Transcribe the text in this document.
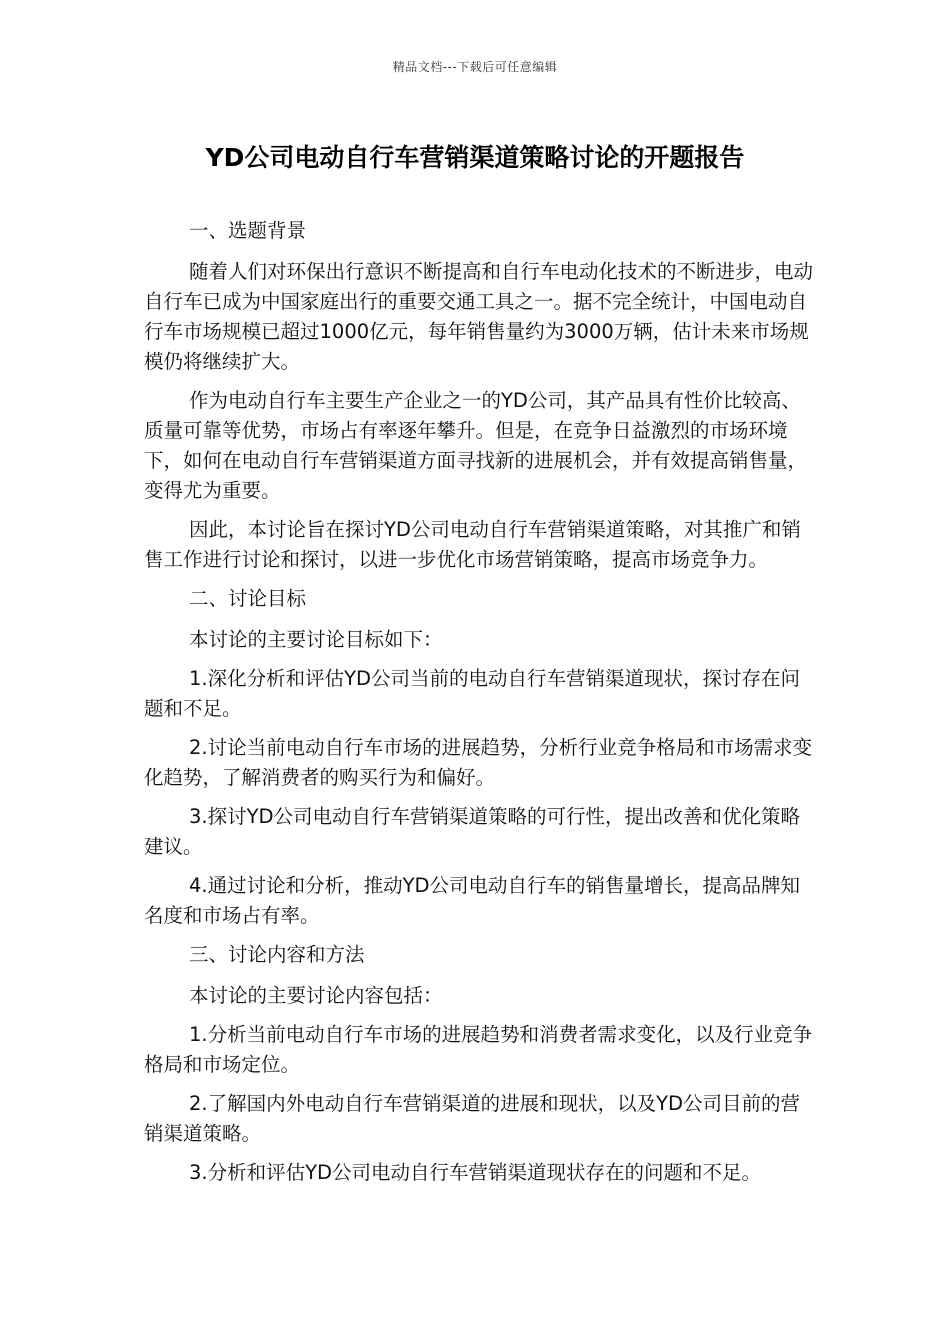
精品文档---下载后可任意编辑
YD公司电动自行车营销渠道策略讨论的开题报告

一、选题背景

随着人们对环保出行意识不断提高和自行车电动化技术的不断进步，电动自行车已成为中国家庭出行的重要交通工具之一。据不完全统计，中国电动自行车市场规模已超过1000亿元，每年销售量约为3000万辆，估计未来市场规模仍将继续扩大。

作为电动自行车主要生产企业之一的YD公司，其产品具有性价比较高、质量可靠等优势，市场占有率逐年攀升。但是，在竞争日益激烈的市场环境下，如何在电动自行车营销渠道方面寻找新的进展机会，并有效提高销售量，变得尤为重要。

因此，本讨论旨在探讨YD公司电动自行车营销渠道策略，对其推广和销售工作进行讨论和探讨，以进一步优化市场营销策略，提高市场竞争力。

二、讨论目标

本讨论的主要讨论目标如下：

1.深化分析和评估YD公司当前的电动自行车营销渠道现状，探讨存在问题和不足。

2.讨论当前电动自行车市场的进展趋势，分析行业竞争格局和市场需求变化趋势，了解消费者的购买行为和偏好。

3.探讨YD公司电动自行车营销渠道策略的可行性，提出改善和优化策略建议。

4.通过讨论和分析，推动YD公司电动自行车的销售量增长，提高品牌知名度和市场占有率。

三、讨论内容和方法

本讨论的主要讨论内容包括：

1.分析当前电动自行车市场的进展趋势和消费者需求变化，以及行业竞争格局和市场定位。

2.了解国内外电动自行车营销渠道的进展和现状，以及YD公司目前的营销渠道策略。

3.分析和评估YD公司电动自行车营销渠道现状存在的问题和不足。
